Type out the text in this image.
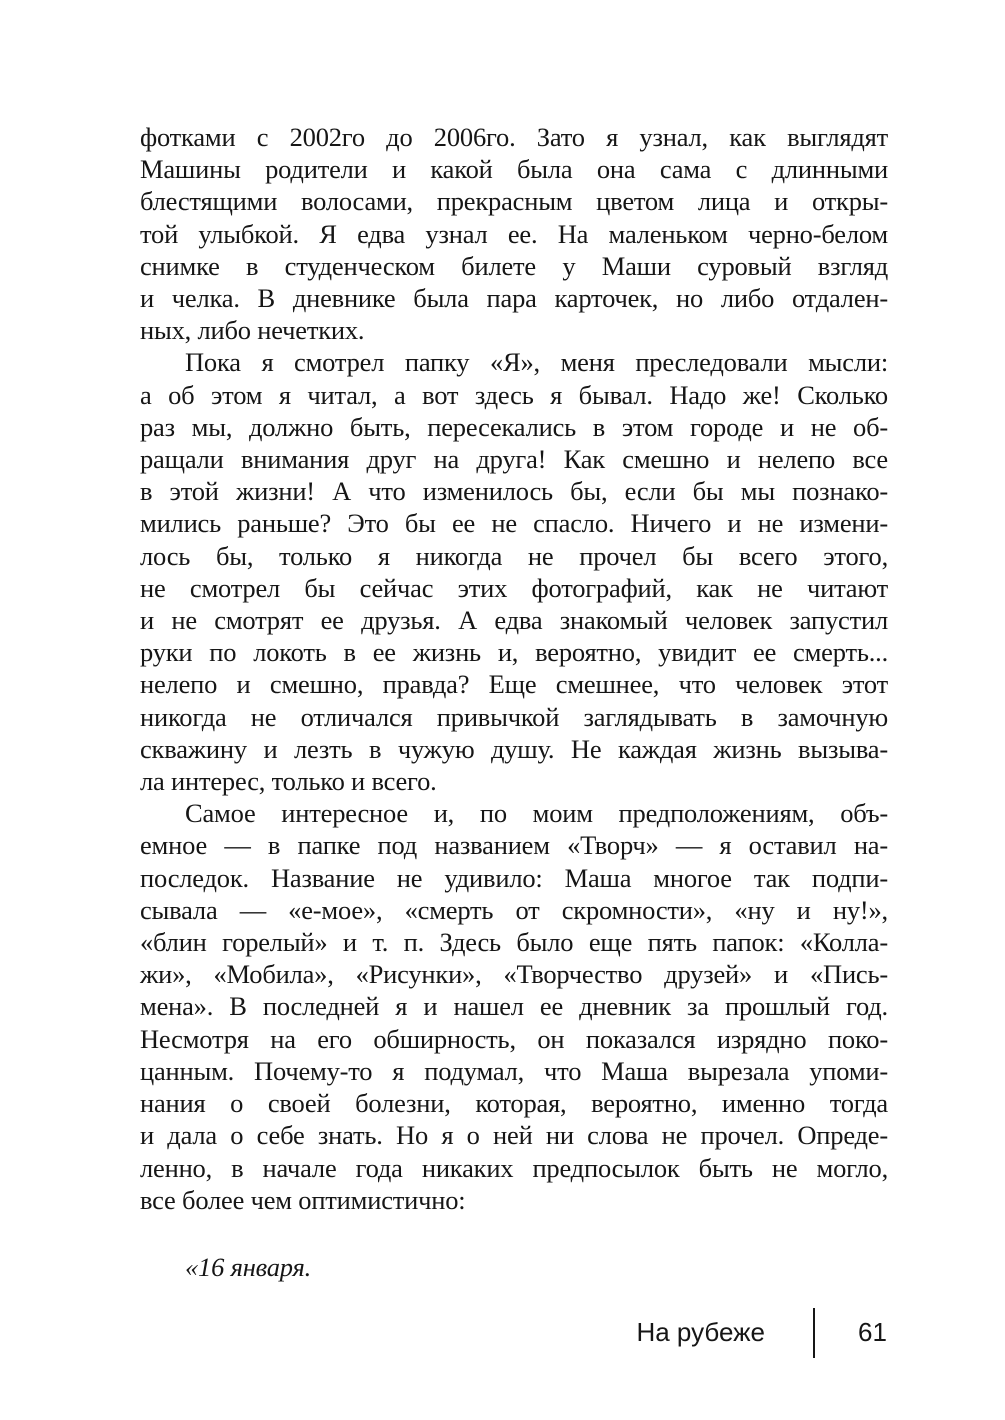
фотками с 2002го до 2006го. Зато я узнал, как выглядят
Машины родители и какой была она сама с длинными
блестящими волосами, прекрасным цветом лица и откры-
той улыбкой. Я едва узнал ее. На маленьком черно-белом
снимке в студенческом билете у Маши суровый взгляд
и челка. В дневнике была пара карточек, но либо отдален-
ных, либо нечетких.
Пока я смотрел папку «Я», меня преследовали мысли:
а об этом я читал, а вот здесь я бывал. Надо же! Сколько
раз мы, должно быть, пересекались в этом городе и не об-
ращали внимания друг на друга! Как смешно и нелепо все
в этой жизни! А что изменилось бы, если бы мы познако-
мились раньше? Это бы ее не спасло. Ничего и не измени-
лось бы, только я никогда не прочел бы всего этого,
не смотрел бы сейчас этих фотографий, как не читают
и не смотрят ее друзья. А едва знакомый человек запустил
руки по локоть в ее жизнь и, вероятно, увидит ее смерть...
нелепо и смешно, правда? Еще смешнее, что человек этот
никогда не отличался привычкой заглядывать в замочную
скважину и лезть в чужую душу. Не каждая жизнь вызыва-
ла интерес, только и всего.
Самое интересное и, по моим предположениям, объ-
емное — в папке под названием «Творч» — я оставил на-
последок. Название не удивило: Маша многое так подпи-
сывала — «е-мое», «смерть от скромности», «ну и ну!»,
«блин горелый» и т. п. Здесь было еще пять папок: «Колла-
жи», «Мобила», «Рисунки», «Творчество друзей» и «Пись-
мена». В последней я и нашел ее дневник за прошлый год.
Несмотря на его обширность, он показался изрядно поко-
цанным. Почему-то я подумал, что Маша вырезала упоми-
нания о своей болезни, которая, вероятно, именно тогда
и дала о себе знать. Но я о ней ни слова не прочел. Опреде-
ленно, в начале года никаких предпосылок быть не могло,
все более чем оптимистично:
«16 января.
На рубеже	61
